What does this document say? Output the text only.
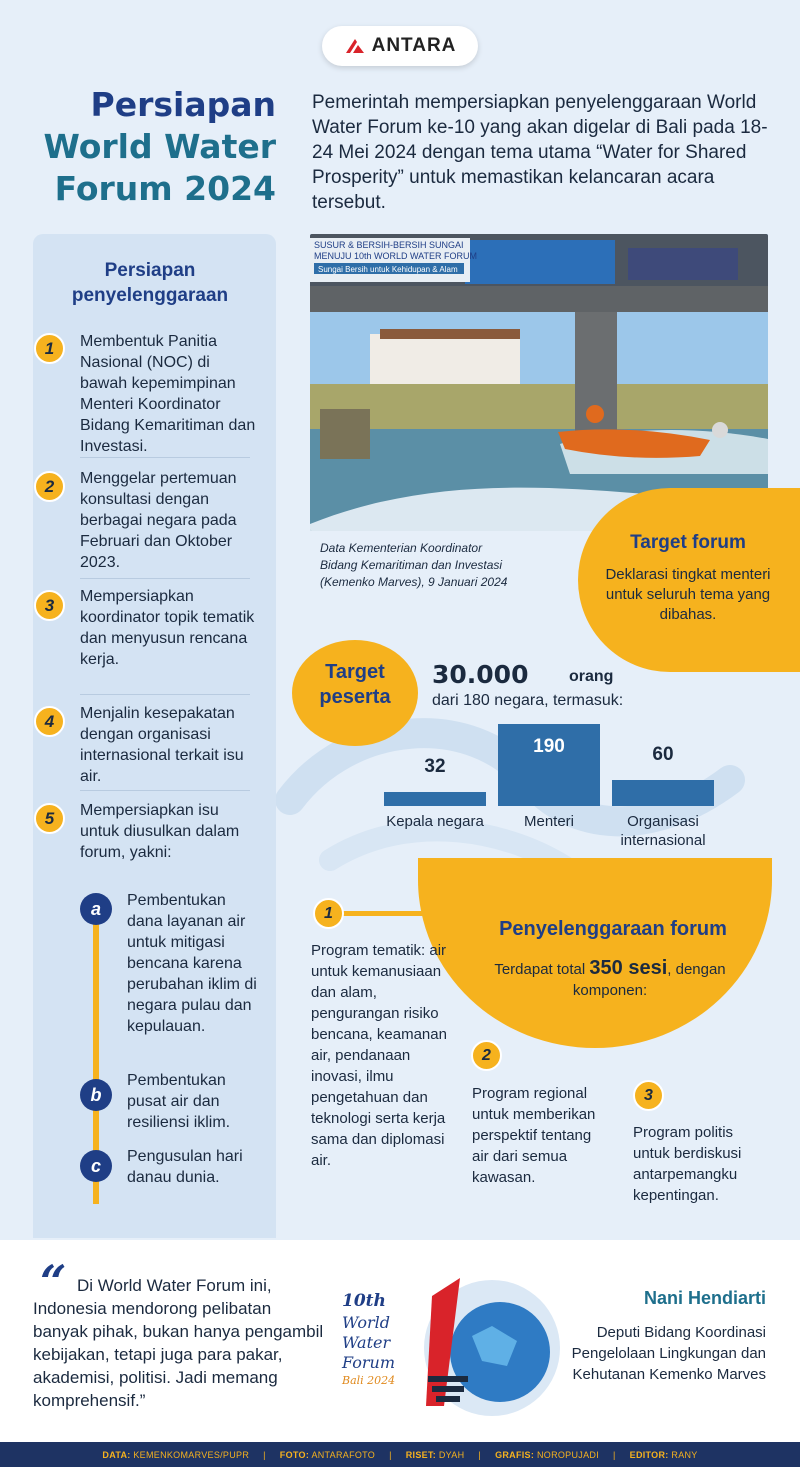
ANTARA
Persiapan
World Water
Forum 2024
Pemerintah mempersiapkan penyelenggaraan World Water Forum ke-10 yang akan digelar di Bali pada 18-24 Mei 2024 dengan tema utama “Water for Shared Prosperity” untuk memastikan kelancaran acara tersebut.
Persiapan penyelenggaraan
1	Membentuk Panitia Nasional (NOC) di bawah kepemimpinan Menteri Koordinator Bidang Kemaritiman dan Investasi.
2	Menggelar pertemuan konsultasi dengan berbagai negara pada Februari dan Oktober 2023.
3	Mempersiapkan koordinator topik tematik dan menyusun rencana kerja.
4	Menjalin kesepakatan dengan organisasi internasional terkait isu air.
5	Mempersiapkan isu untuk diusulkan dalam forum, yakni:
a	Pembentukan dana layanan air untuk mitigasi bencana karena perubahan iklim di negara pulau dan kepulauan.
b
Pembentukan pusat air dan resiliensi iklim.
c	Pengusulan hari danau dunia.
SUSUR & BERSIH-BERSIH SUNGAI
MENUJU 10th WORLD WATER FORUM
Sungai Bersih untuk Kehidupan & Alam
Data Kementerian Koordinator Bidang Kemaritiman dan Investasi (Kemenko Marves), 9 Januari 2024
Target forum
Deklarasi tingkat menteri untuk seluruh tema yang dibahas.
Target peserta
30.000	orang
dari 180 negara, termasuk:
32
Kepala negara
190
Menteri
60
Organisasi internasional
Penyelenggaraan forum
Terdapat total 350 sesi, dengan komponen:
1
Program tematik: air untuk kemanusiaan dan alam, pengurangan risiko bencana, keamanan air, pendanaan inovasi, ilmu pengetahuan dan teknologi serta kerja sama dan diplomasi air.
2
Program regional untuk memberikan perspektif tentang air dari semua kawasan.
3
Program politis untuk berdiskusi antarpemangku kepentingan.
“ Di World Water Forum ini, Indonesia mendorong pelibatan banyak pihak, bukan hanya pengambil kebijakan, tetapi juga para pakar, akademisi, politisi. Jadi memang komprehensif.”
10th
World
Water
Forum
Bali 2024
Nani Hendiarti
Deputi Bidang Koordinasi Pengelolaan Lingkungan dan Kehutanan Kemenko Marves
DATA: KEMENKOMARVES/PUPR | FOTO: ANTARAFOTO | RISET: DYAH | GRAFIS: NOROPUJADI | EDITOR: RANY
